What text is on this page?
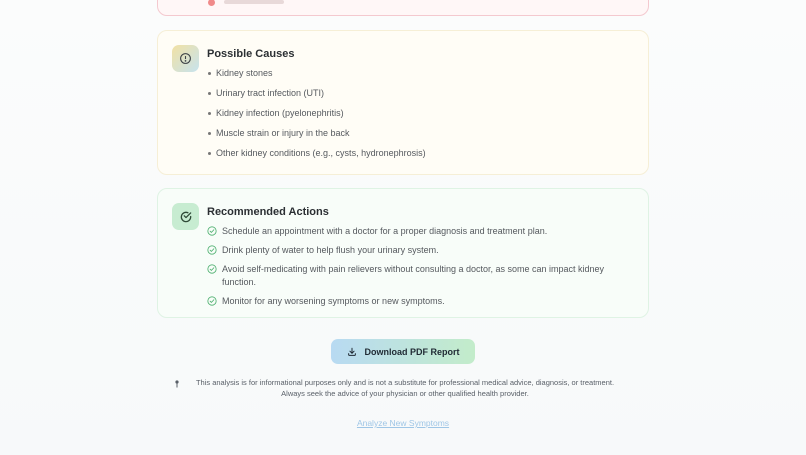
Possible Causes
Kidney stones
Urinary tract infection (UTI)
Kidney infection (pyelonephritis)
Muscle strain or injury in the back
Other kidney conditions (e.g., cysts, hydronephrosis)
Recommended Actions
Schedule an appointment with a doctor for a proper diagnosis and treatment plan.
Drink plenty of water to help flush your urinary system.
Avoid self-medicating with pain relievers without consulting a doctor, as some can impact kidney function.
Monitor for any worsening symptoms or new symptoms.
Download PDF Report
This analysis is for informational purposes only and is not a substitute for professional medical advice, diagnosis, or treatment.
Always seek the advice of your physician or other qualified health provider.
Analyze New Symptoms
